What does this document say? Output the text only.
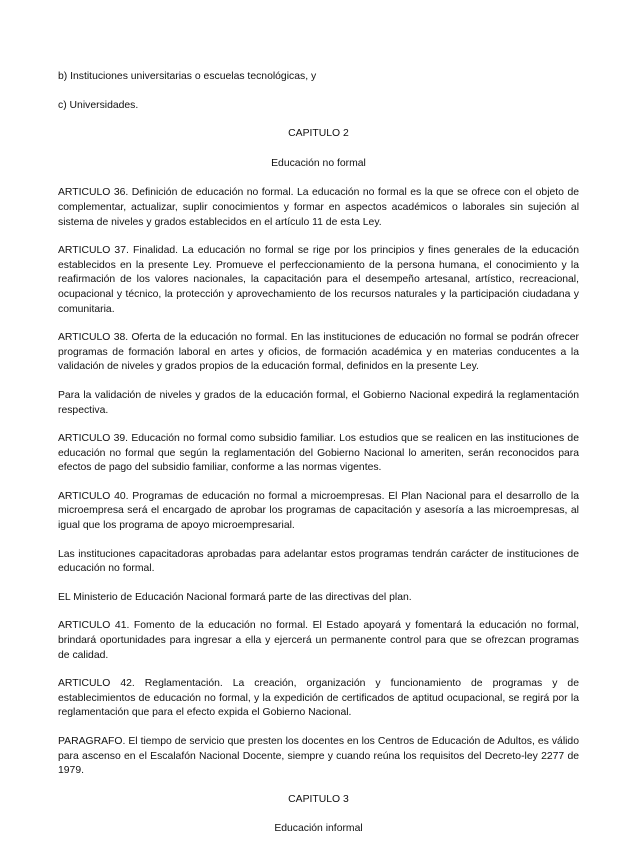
b) Instituciones universitarias o escuelas tecnológicas, y

c) Universidades.

CAPITULO 2

Educación no formal

ARTICULO 36. Definición de educación no formal. La educación no formal es la que se ofrece con el objeto de complementar, actualizar, suplir conocimientos y formar en aspectos académicos o laborales sin sujeción al sistema de niveles y grados establecidos en el artículo 11 de esta Ley.

ARTICULO 37. Finalidad. La educación no formal se rige por los principios y fines generales de la educación establecidos en la presente Ley. Promueve el perfeccionamiento de la persona humana, el conocimiento y la reafirmación de los valores nacionales, la capacitación para el desempeño artesanal, artístico, recreacional, ocupacional y técnico, la protección y aprovechamiento de los recursos naturales y la participación ciudadana y comunitaria.

ARTICULO 38. Oferta de la educación no formal. En las instituciones de educación no formal se podrán ofrecer programas de formación laboral en artes y oficios, de formación académica y en materias conducentes a la validación de niveles y grados propios de la educación formal, definidos en la presente Ley.

Para la validación de niveles y grados de la educación formal, el Gobierno Nacional expedirá la reglamentación respectiva.

ARTICULO 39. Educación no formal como subsidio familiar. Los estudios que se realicen en las instituciones de educación no formal que según la reglamentación del Gobierno Nacional lo ameriten, serán reconocidos para efectos de pago del subsidio familiar, conforme a las normas vigentes.

ARTICULO 40. Programas de educación no formal a microempresas. El Plan Nacional para el desarrollo de la microempresa será el encargado de aprobar los programas de capacitación y asesoría a las microempresas, al igual que los programa de apoyo microempresarial.

Las instituciones capacitadoras aprobadas para adelantar estos programas tendrán carácter de instituciones de educación no formal.

EL Ministerio de Educación Nacional formará parte de las directivas del plan.

ARTICULO 41. Fomento de la educación no formal. El Estado apoyará y fomentará la educación no formal, brindará oportunidades para ingresar a ella y ejercerá un permanente control para que se ofrezcan programas de calidad.

ARTICULO 42. Reglamentación. La creación, organización y funcionamiento de programas y de establecimientos de educación no formal, y la expedición de certificados de aptitud ocupacional, se regirá por la reglamentación que para el efecto expida el Gobierno Nacional.

PARAGRAFO. El tiempo de servicio que presten los docentes en los Centros de Educación de Adultos, es válido para ascenso en el Escalafón Nacional Docente, siempre y cuando reúna los requisitos del Decreto-ley 2277 de 1979.

CAPITULO 3

Educación informal
